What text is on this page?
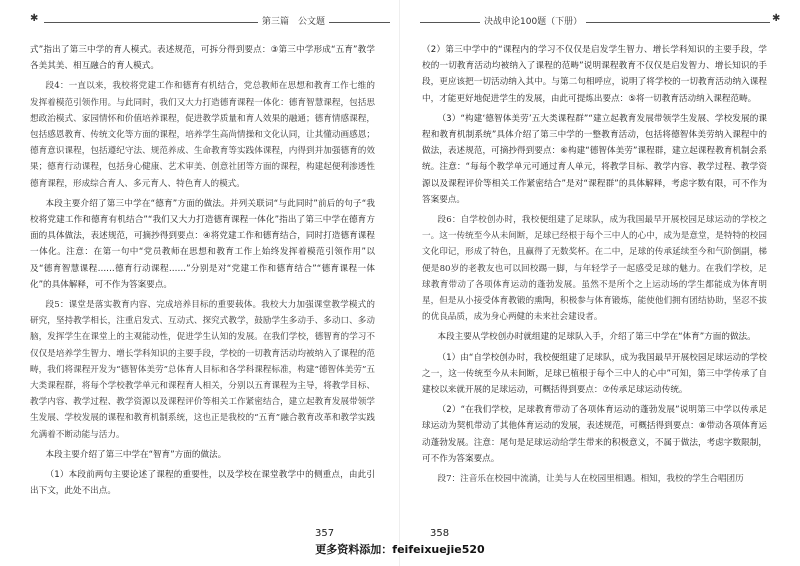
✱	第三篇　公文题	决战申论100题（下册）	✱

式”指出了第三中学的育人模式。表述规范，可拆分得到要点：③第三中学形成“五育”教学各美其美、相互融合的育人模式。

段4：一直以来，我校将党建工作和德育有机结合，党总教师在思想和教育工作七维的发挥着模范引领作用。与此同时，我们又大力打造德育课程一体化：德育智慧课程，包括思想政治模式、家园情怀和价值培养课程，促进教学质量和育人效果的融通；德育情感课程，包括感恩教育、传统文化等方面的课程，培养学生高尚情操和文化认同，让其懂动画感恩；德育意识课程，包括遵纪守法、规范养成、生命教育等实践体课程，内得到并加强德育的效果；德育行动课程，包括身心健康、艺术审美、创意社团等方面的课程，构建起便利渗透性德育课程，形成综合育人、多元育人、特色育人的模式。

本段主要介绍了第三中学在“德育”方面的做法。并列关联词“与此同时”前后的句子“我校将党建工作和德育有机结合”“我们又大力打造德育课程一体化”指出了第三中学在德育方面的具体做法，表述规范，可摘抄得到要点：④将党建工作和德育结合，同时打造德育课程一体化。注意：在第一句中“党员教师在思想和教育工作上始终发挥着模范引领作用”以及“德育智慧课程……德育行动课程……”分别是对“党建工作和德育结合”“德育课程一体化”的具体解释，可不作为答案要点。

段5：课堂是落实教育内容、完成培养目标的重要载体。我校大力加强课堂教学模式的研究，坚持教学相长，注重启发式、互动式、探究式教学，鼓励学生多动手、多动口、多动脑，发挥学生在课堂上的主观能动性，促进学生认知的发展。在我们学校，德智育的学习不仅仅是培养学生智力、增长学科知识的主要手段，学校的一切教育活动均被纳入了课程的范畴，我们将课程开发为“德智体美劳”总体育人目标和各学科课程标准，构建“德智体美劳”五大类课程群，将每个学校教学单元和课程育人相关，分别以五育课程为主导，将教学目标、教学内容、教学过程、教学资源以及课程评价等相关工作紧密结合，建立起教育发展带领学生发展、学校发展的课程和教育机制系统，这也正是我校的“五育”融合教育改革和教学实践允满着不断动能与活力。

本段主要介绍了第三中学在“智育”方面的做法。

（1）本段前两句主要论述了课程的重要性，以及学校在课堂教学中的侧重点，由此引出下文，此处不出点。

357

（2）第三中学中的“课程内的学习不仅仅是启发学生智力、增长学科知识的主要手段，学校的一切教育活动均被纳入了课程的范畴”说明课程教育不仅仅是启发智力、增长知识的手段，更应该把一切活动纳入其中。与第二句相呼应，说明了将学校的一切教育活动纳入课程中，才能更好地促进学生的发展，由此可提炼出要点：⑤将一切教育活动纳入课程范畴。

（3）“构建‘德智体美劳’五大类课程群”“建立起教育发展带领学生发展、学校发展的课程和教育机制系统”具体介绍了第三中学的一整教育活动，包括将德智体美劳纳入课程中的做法，表述规范，可摘抄得到要点：⑥构建“德智体美劳”课程群，建立起课程教育机制会系统。注意：“每每个教学单元可通过育人单元，将教学目标、教学内容、教学过程、教学资源以及课程评价等相关工作紧密结合”是对“课程群”的具体解释，考虑字数有限，可不作为答案要点。

段6：自学校创办时，我校便组建了足球队，成为我国最早开展校园足球运动的学校之一。这一传统至今从未间断，足球已经根于每个三中人的心中，成为是意堂，是特特的校园文化印记，形成了特色，且赢得了无数奖杯。在二中，足球的传承延续至今和气阶倒副，梯便是80岁的老教友也可以回校踢一脚，与年轻学子一起感受足球的魅力。在我们学校，足球教育带动了各项体育运动的蓬勃发展。虽然不是所个之上运动场的学生都能成为体育明星，但是从小接受体育教锻的熏陶，积极参与体育锻炼，能使他们拥有团结协助，坚忍不拔的优良品质，成为身心两健的未来社会建设者。

本段主要从学校创办时就组建的足球队入手，介绍了第三中学在“体育”方面的做法。

（1）由“自学校创办时，我校便组建了足球队，成为我国最早开展校园足球运动的学校之一，这一传统至今从未间断，足球已植根于每个三中人的心中”可知，第三中学传承了自建校以来就开展的足球运动，可概括得到要点：⑦传承足球运动传统。

（2）“在我们学校，足球教育带动了各项体育运动的蓬勃发展”说明第三中学以传承足球运动为契机带动了其他体育运动的发展，表述规范，可概括得到要点：⑧带动各项体育运动蓬勃发展。注意：尾句是足球运动给学生带来的积极意义，不属于做法，考虑字数限制，可不作为答案要点。

段7：注音乐在校园中流淌，让美与人在校园里相遇。相知，我校的学生合唱团历

358
更多资料添加：feifeixuejie520
